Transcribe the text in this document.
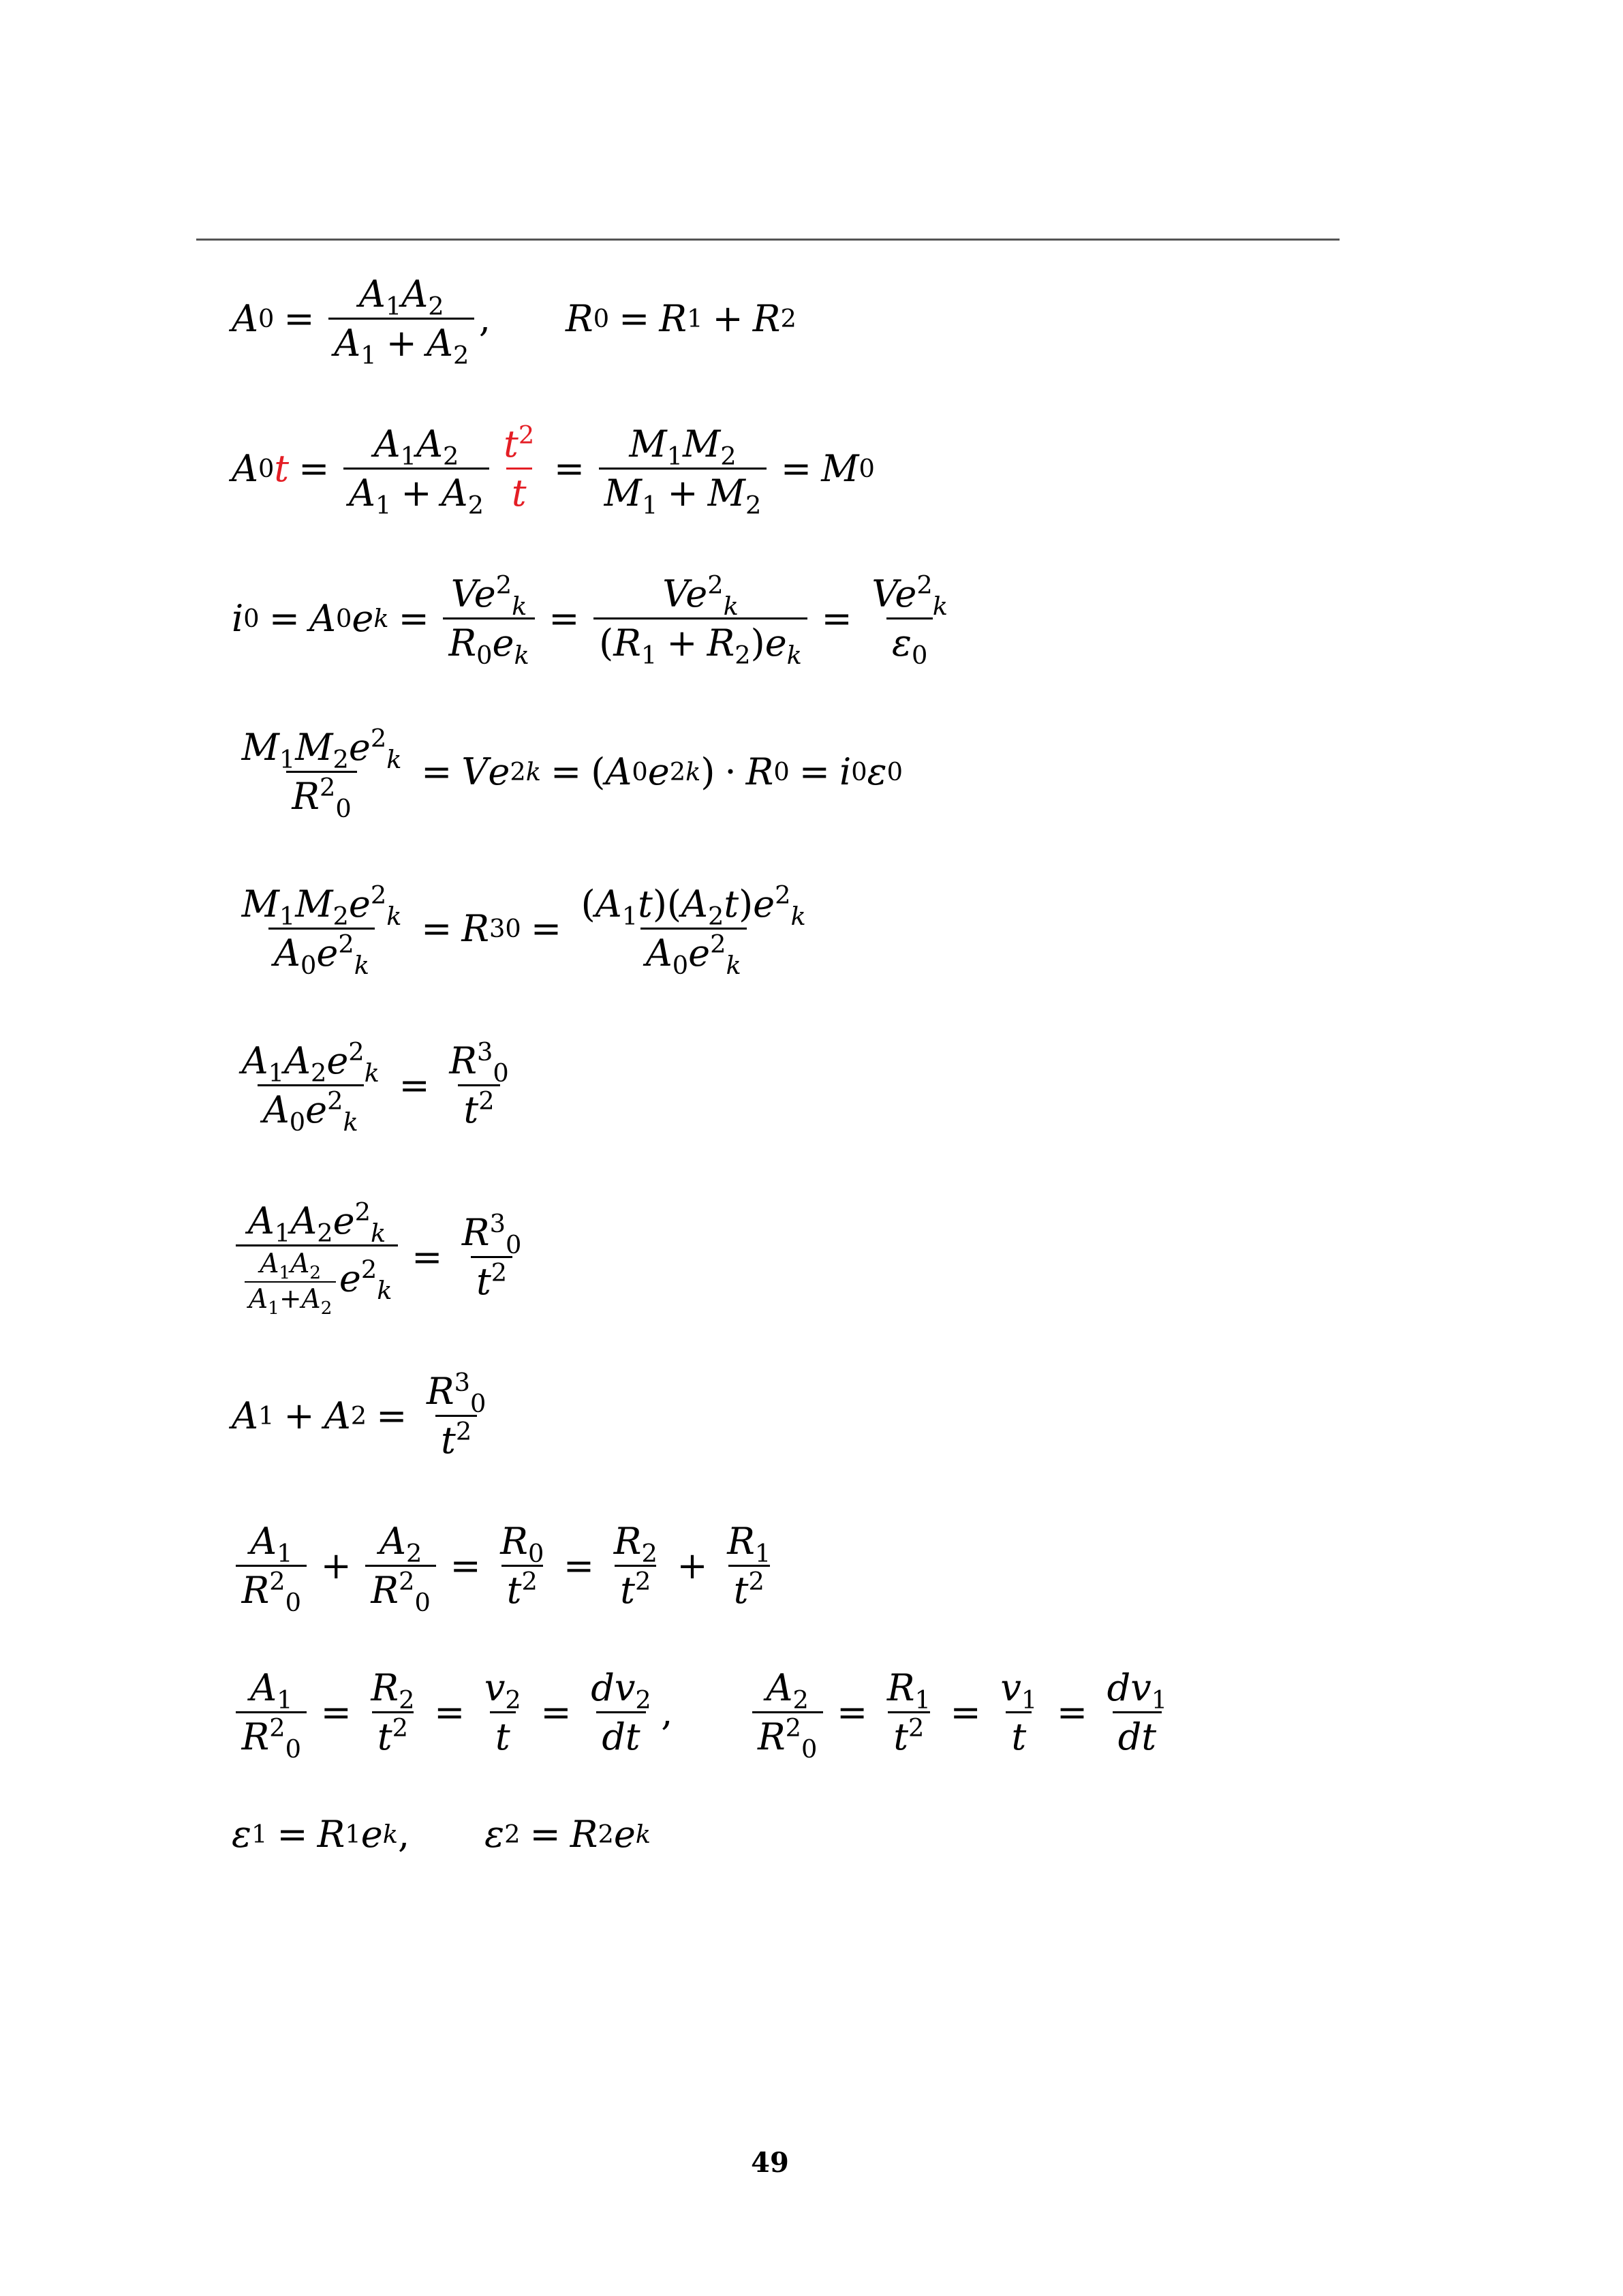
A $0 = \frac{A_1A_2}{A_1 + A_2}$ , R 0 = R 1 + R 2
A 0 $t = \frac{A_1A_2}{A_1 + A_2} \frac{t^2}{t} = \frac{M_1M_2}{M_1 + M_2} = M$ 0
i 0 = A 0 e $k = \frac{Ve^2_k}{R_0e_k} = \frac{Ve^2_k}{(R_1 + R_2)e_k} = \frac{Ve^2_k}{\varepsilon_0}$
$\frac{M_1M_2e^2_k}{R^2_0} = V$ e 2 k = ( A 0 e 2 k ) · R 0 = i 0 ε 0
$\frac{M_1M_2e^2_k}{A_0e^2_k} = R$ 3 $0 = \frac{(A_1t)(A_2t)e^2_k}{A_0e^2_k}$
$\frac{A_1A_2e^2_k}{A_0e^2_k} = \frac{R^3_0}{t^2}$
$\frac{A_1A_2e^2_k}{\frac{A_1A_2}{A_1+A_2} e^2_k} = \frac{R^3_0}{t^2}$
A 1 + A $2 = \frac{R^3_0}{t^2}$
$\frac{A_1}{R^2_0} + \frac{A_2}{R^2_0} = \frac{R_0}{t^2} = \frac{R_2}{t^2} + \frac{R_1}{t^2}$
$\frac{A_1}{R^2_0} = \frac{R_2}{t^2} = \frac{v_2}{t} = \frac{dv_2}{dt}$ , $\frac{A_2}{R^2_0} = \frac{R_1}{t^2} = \frac{v_1}{t} = \frac{dv_1}{dt}$
ε 1 = R 1 e k , ε 2 = R 2 e k
49
